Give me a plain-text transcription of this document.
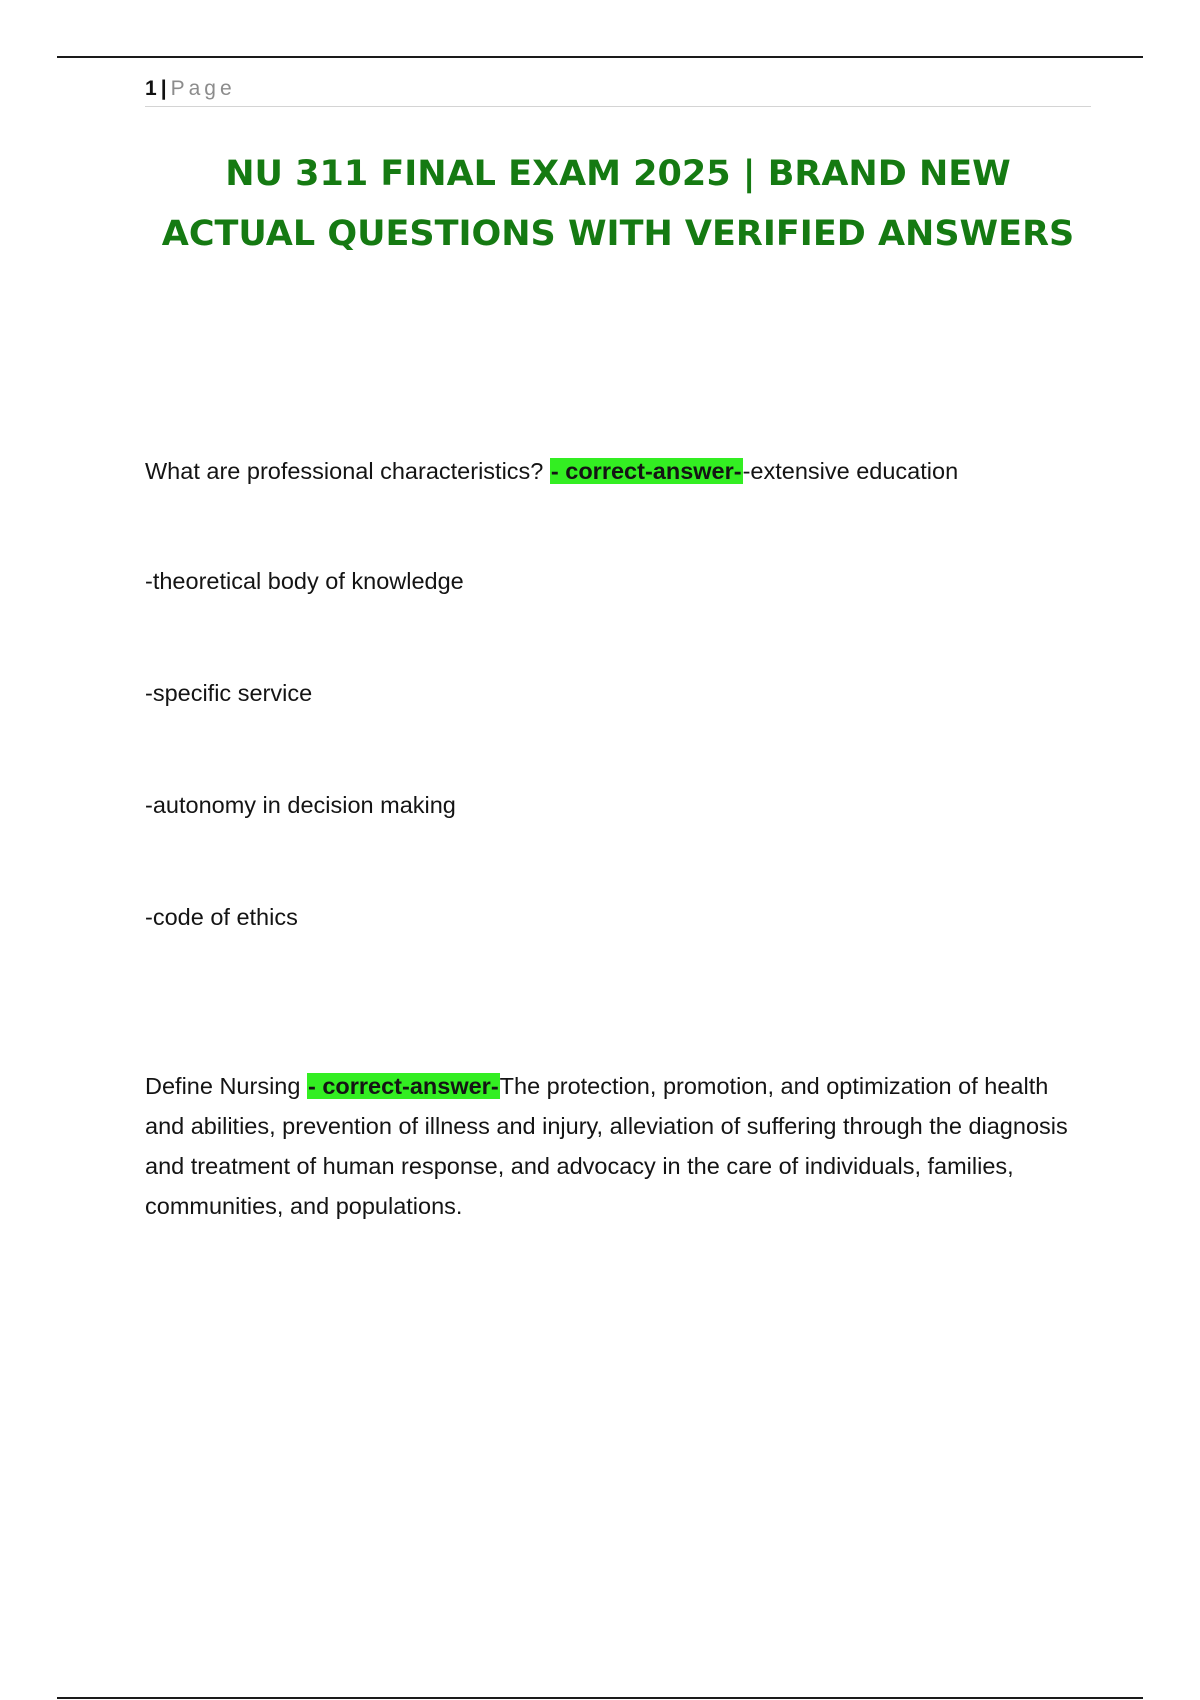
1 | Page
NU 311 FINAL EXAM 2025 | BRAND NEW ACTUAL QUESTIONS WITH VERIFIED ANSWERS

What are professional characteristics? - correct-answer--extensive education

-theoretical body of knowledge

-specific service

-autonomy in decision making

-code of ethics

Define Nursing - correct-answer-The protection, promotion, and optimization of health and abilities, prevention of illness and injury, alleviation of suffering through the diagnosis and treatment of human response, and advocacy in the care of individuals, families, communities, and populations.
